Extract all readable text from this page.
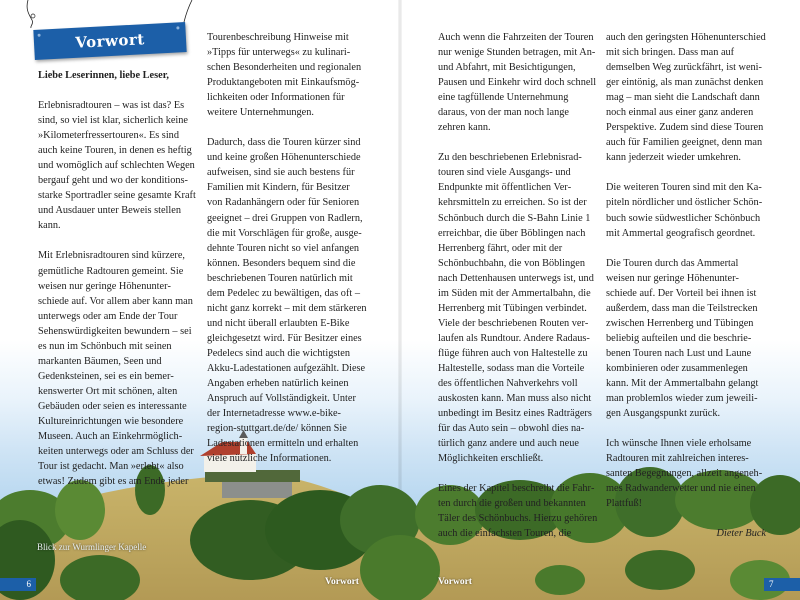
Vorwort

Liebe Leserinnen, liebe Leser,

Erlebnisradtouren – was ist das? Es sind, so viel ist klar, sicherlich keine »Kilometerfressertouren«. Es sind auch keine Touren, in denen es heftig und womöglich auf schlechten Wegen bergauf geht und wo der konditionsstarke Sportradler seine gesamte Kraft und Ausdauer unter Beweis stellen kann.

Mit Erlebnisradtouren sind kürzere, gemütliche Radtouren gemeint. Sie weisen nur geringe Höhenunterschiede auf. Vor allem aber kann man unterwegs oder am Ende der Tour Sehenswürdigkeiten bewundern – sei es nun im Schönbuch mit seinen markanten Bäumen, Seen und Gedenksteinen, sei es ein bemerkenswerter Ort mit schönen, alten Gebäuden oder seien es interessante Kultureinrichtungen wie besondere Museen. Auch an Einkehrmöglichkeiten unterwegs oder am Schluss der Tour ist gedacht. Man »erlebt« also etwas! Zudem gibt es am Ende jeder

Tourenbeschreibung Hinweise mit »Tipps für unterwegs« zu kulinarischen Besonderheiten und regionalen Produktangeboten mit Einkaufsmöglichkeiten oder Informationen für weitere Unternehmungen.

Dadurch, dass die Touren kürzer sind und keine großen Höhenunterschiede aufweisen, sind sie auch bestens für Familien mit Kindern, für Besitzer von Radanhängern oder für Senioren geeignet – drei Gruppen von Radlern, die mit Vorschlägen für große, ausgedehnte Touren nicht so viel anfangen können. Besonders bequem sind die beschriebenen Touren natürlich mit dem Pedelec zu bewältigen, das oft – nicht ganz korrekt – mit dem stärkeren und nicht überall erlaubten E-Bike gleichgesetzt wird. Für Besitzer eines Pedelecs sind auch die wichtigsten Akku-Ladestationen aufgezählt. Diese Angaben erheben natürlich keinen Anspruch auf Vollständigkeit. Unter der Internetadresse www.e-bike-region-stuttgart.de/de/ können Sie Ladestationen ermitteln und erhalten viele nützliche Informationen.

Auch wenn die Fahrzeiten der Touren nur wenige Stunden betragen, mit An- und Abfahrt, mit Besichtigungen, Pausen und Einkehr wird doch schnell eine tagfüllende Unternehmung daraus, von der man noch lange zehren kann.

Zu den beschriebenen Erlebnisradtouren sind viele Ausgangs- und Endpunkte mit öffentlichen Verkehrsmitteln zu erreichen. So ist der Schönbuch durch die S-Bahn Linie 1 erreichbar, die über Böblingen nach Herrenberg fährt, oder mit der Schönbuchbahn, die von Böblingen nach Dettenhausen unterwegs ist, und im Süden mit der Ammertalbahn, die Herrenberg mit Tübingen verbindet. Viele der beschriebenen Routen verlaufen als Rundtour. Andere Radausflüge führen auch von Haltestelle zu Haltestelle, sodass man die Vorteile des öffentlichen Nahverkehrs voll auskosten kann. Man muss also nicht unbedingt im Besitz eines Radträgers für das Auto sein – obwohl dies natürlich ganz andere und auch neue Möglichkeiten erschließt.

Eines der Kapitel beschreibt die Fahrten durch die großen und bekannten Täler des Schönbuchs. Hierzu gehören auch die einfachsten Touren, die

auch den geringsten Höhenunterschied mit sich bringen. Dass man auf demselben Weg zurückfährt, ist weniger eintönig, als man zunächst denken mag – man sieht die Landschaft dann noch einmal aus einer ganz anderen Perspektive. Zudem sind diese Touren auch für Familien geeignet, denn man kann jederzeit wieder umkehren.

Die weiteren Touren sind mit den Kapiteln nördlicher und östlicher Schönbuch sowie südwestlicher Schönbuch mit Ammertal geografisch geordnet.

Die Touren durch das Ammertal weisen nur geringe Höhenunterschiede auf. Der Vorteil bei ihnen ist außerdem, dass man die Teilstrecken zwischen Herrenberg und Tübingen beliebig aufteilen und die beschriebenen Touren nach Lust und Laune kombinieren oder zusammenlegen kann. Mit der Ammertalbahn gelangt man problemlos wieder zum jeweiligen Ausgangspunkt zurück.

Ich wünsche Ihnen viele erholsame Radtouren mit zahlreichen interessanten Begegnungen, allzeit angenehmes Radwanderwetter und nie einen Plattfuß!

Dieter Buck

Blick zur Wurmlinger Kapelle
6	Vorwort	Vorwort	7
